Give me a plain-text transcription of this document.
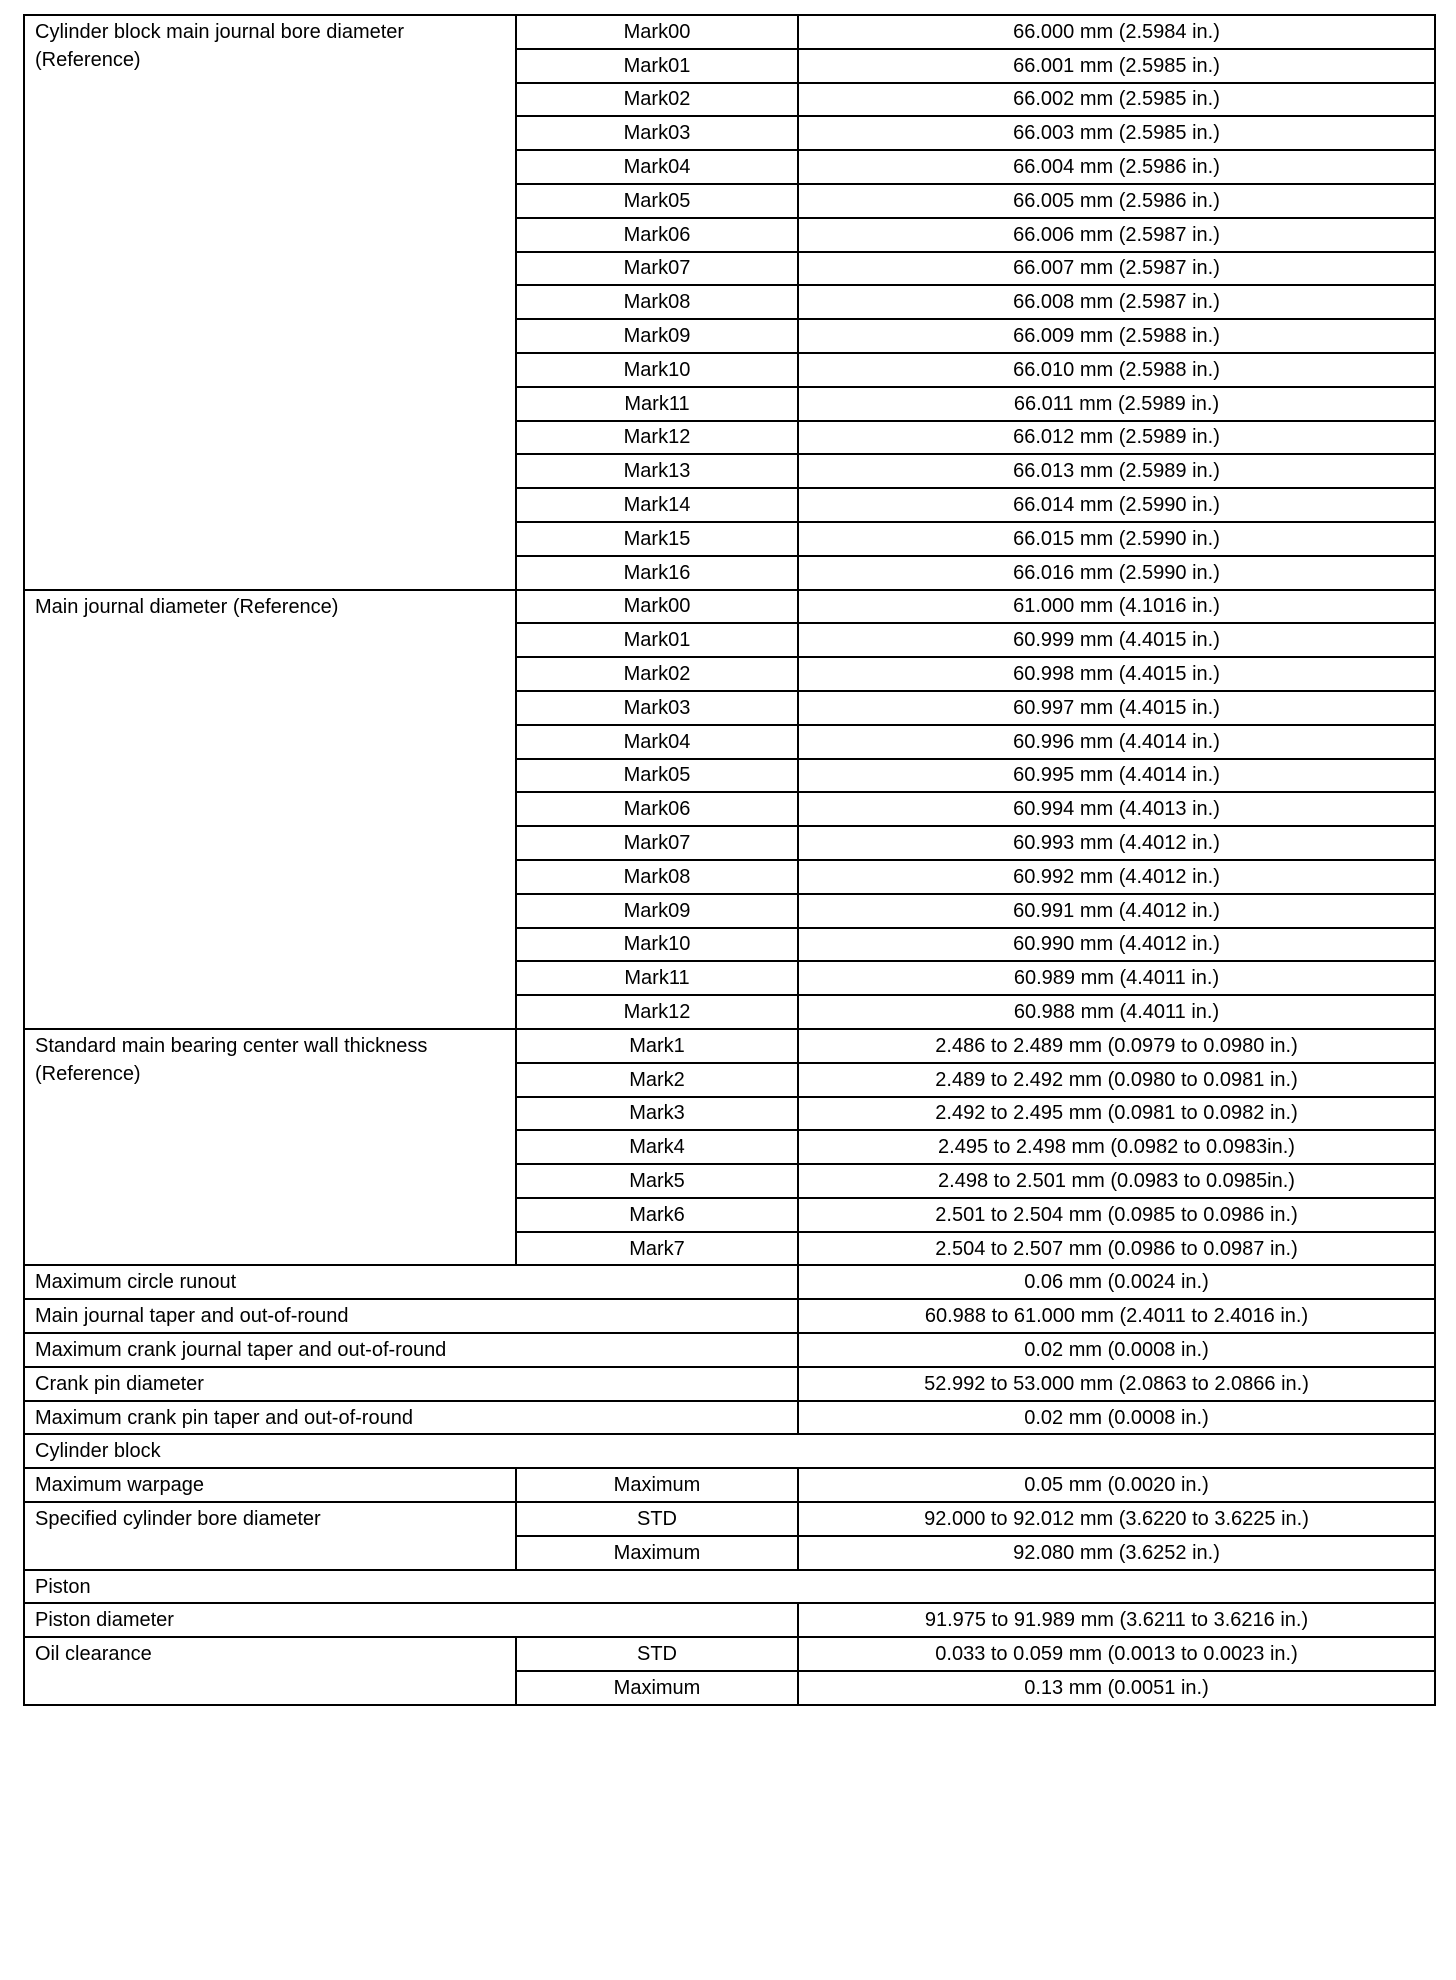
Cylinder block main journal bore diameter (Reference)	Mark00	66.000 mm (2.5984 in.)
	Mark01	66.001 mm (2.5985 in.)
	Mark02	66.002 mm (2.5985 in.)
	Mark03	66.003 mm (2.5985 in.)
	Mark04	66.004 mm (2.5986 in.)
	Mark05	66.005 mm (2.5986 in.)
	Mark06	66.006 mm (2.5987 in.)
	Mark07	66.007 mm (2.5987 in.)
	Mark08	66.008 mm (2.5987 in.)
	Mark09	66.009 mm (2.5988 in.)
	Mark10	66.010 mm (2.5988 in.)
	Mark11	66.011 mm (2.5989 in.)
	Mark12	66.012 mm (2.5989 in.)
	Mark13	66.013 mm (2.5989 in.)
	Mark14	66.014 mm (2.5990 in.)
	Mark15	66.015 mm (2.5990 in.)
	Mark16	66.016 mm (2.5990 in.)
Main journal diameter (Reference)	Mark00	61.000 mm (4.1016 in.)
	Mark01	60.999 mm (4.4015 in.)
	Mark02	60.998 mm (4.4015 in.)
	Mark03	60.997 mm (4.4015 in.)
	Mark04	60.996 mm (4.4014 in.)
	Mark05	60.995 mm (4.4014 in.)
	Mark06	60.994 mm (4.4013 in.)
	Mark07	60.993 mm (4.4012 in.)
	Mark08	60.992 mm (4.4012 in.)
	Mark09	60.991 mm (4.4012 in.)
	Mark10	60.990 mm (4.4012 in.)
	Mark11	60.989 mm (4.4011 in.)
	Mark12	60.988 mm (4.4011 in.)
Standard main bearing center wall thickness (Reference)	Mark1	2.486 to 2.489 mm (0.0979 to 0.0980 in.)
	Mark2	2.489 to 2.492 mm (0.0980 to 0.0981 in.)
	Mark3	2.492 to 2.495 mm (0.0981 to 0.0982 in.)
	Mark4	2.495 to 2.498 mm (0.0982 to 0.0983in.)
	Mark5	2.498 to 2.501 mm (0.0983 to 0.0985in.)
	Mark6	2.501 to 2.504 mm (0.0985 to 0.0986 in.)
	Mark7	2.504 to 2.507 mm (0.0986 to 0.0987 in.)
Maximum circle runout		0.06 mm (0.0024 in.)
Main journal taper and out-of-round		60.988 to 61.000 mm (2.4011 to 2.4016 in.)
Maximum crank journal taper and out-of-round		0.02 mm (0.0008 in.)
Crank pin diameter		52.992 to 53.000 mm (2.0863 to 2.0866 in.)
Maximum crank pin taper and out-of-round		0.02 mm (0.0008 in.)
Cylinder block		
Maximum warpage	Maximum	0.05 mm (0.0020 in.)
Specified cylinder bore diameter	STD	92.000 to 92.012 mm (3.6220 to 3.6225 in.)
	Maximum	92.080 mm (3.6252 in.)
Piston		
Piston diameter		91.975 to 91.989 mm (3.6211 to 3.6216 in.)
Oil clearance	STD	0.033 to 0.059 mm (0.0013 to 0.0023 in.)
	Maximum	0.13 mm (0.0051 in.)
